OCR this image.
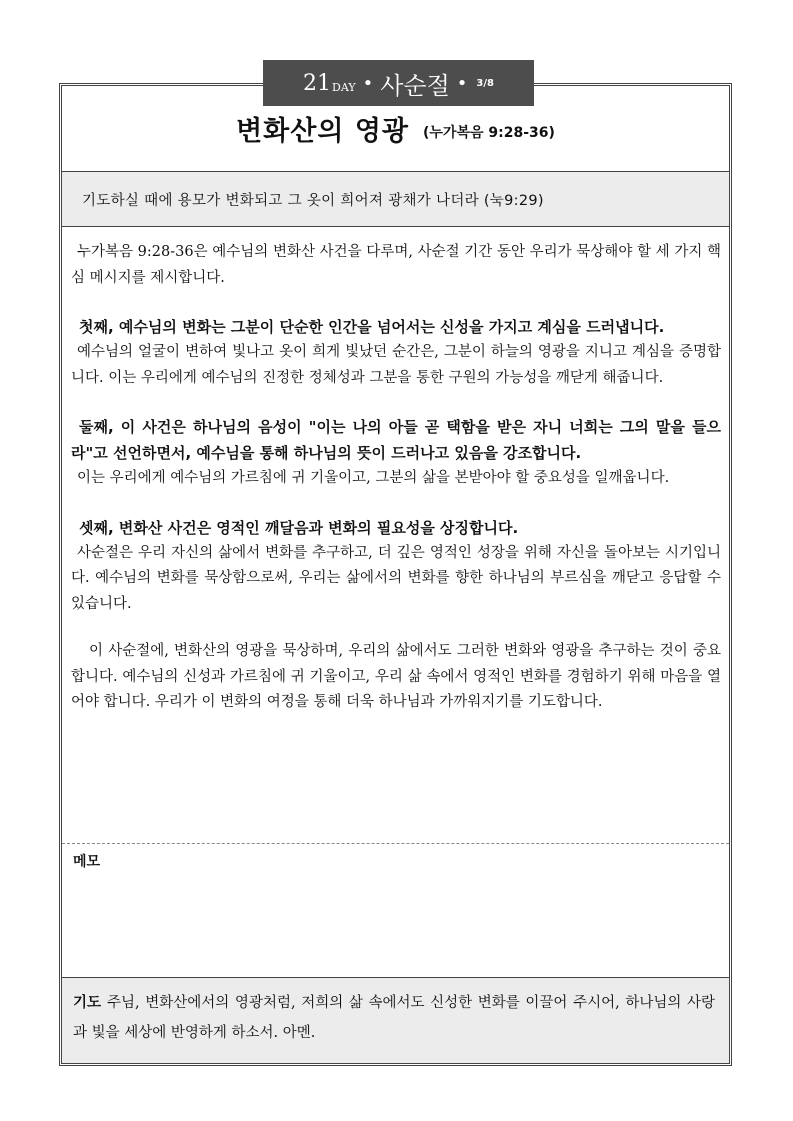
21 DAY • 사순절 • 3/8
변화산의 영광 (누가복음 9:28-36)
기도하실 때에 용모가 변화되고 그 옷이 희어져 광채가 나더라 (눅9:29)

누가복음 9:28-36은 예수님의 변화산 사건을 다루며, 사순절 기간 동안 우리가 묵상해야 할 세 가지 핵심 메시지를 제시합니다.

첫째, 예수님의 변화는 그분이 단순한 인간을 넘어서는 신성을 가지고 계심을 드러냅니다.

예수님의 얼굴이 변하여 빛나고 옷이 희게 빛났던 순간은, 그분이 하늘의 영광을 지니고 계심을 증명합니다. 이는 우리에게 예수님의 진정한 정체성과 그분을 통한 구원의 가능성을 깨닫게 해줍니다.

둘째, 이 사건은 하나님의 음성이 "이는 나의 아들 곧 택함을 받은 자니 너희는 그의 말을 들으라"고 선언하면서, 예수님을 통해 하나님의 뜻이 드러나고 있음을 강조합니다.

이는 우리에게 예수님의 가르침에 귀 기울이고, 그분의 삶을 본받아야 할 중요성을 일깨웁니다.

셋째, 변화산 사건은 영적인 깨달음과 변화의 필요성을 상징합니다.

사순절은 우리 자신의 삶에서 변화를 추구하고, 더 깊은 영적인 성장을 위해 자신을 돌아보는 시기입니다. 예수님의 변화를 묵상함으로써, 우리는 삶에서의 변화를 향한 하나님의 부르심을 깨닫고 응답할 수 있습니다.

이 사순절에, 변화산의 영광을 묵상하며, 우리의 삶에서도 그러한 변화와 영광을 추구하는 것이 중요합니다. 예수님의 신성과 가르침에 귀 기울이고, 우리 삶 속에서 영적인 변화를 경험하기 위해 마음을 열어야 합니다. 우리가 이 변화의 여정을 통해 더욱 하나님과 가까워지기를 기도합니다.

메모
기도 주님, 변화산에서의 영광처럼, 저희의 삶 속에서도 신성한 변화를 이끌어 주시어, 하나님의 사랑과 빛을 세상에 반영하게 하소서. 아멘.
